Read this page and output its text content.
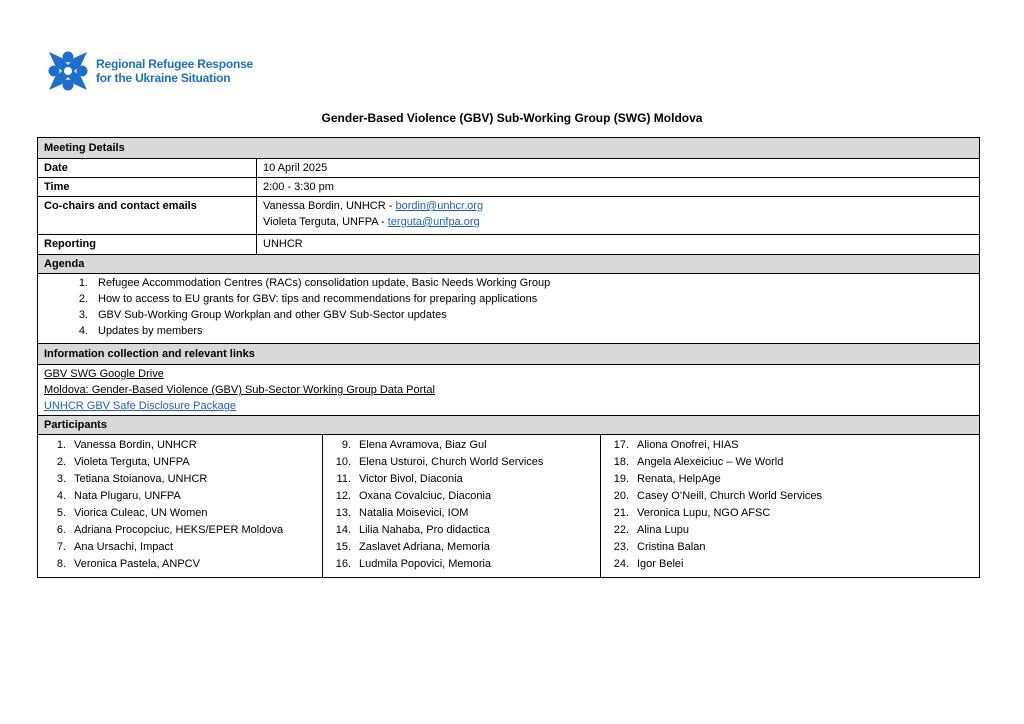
Regional Refugee Response
for the Ukraine Situation
Gender-Based Violence (GBV) Sub-Working Group (SWG) Moldova
Meeting Details
Date	10 April 2025
Time	2:00 - 3:30 pm
Co-chairs and contact emails	Vanessa Bordin, UNHCR - bordin@unhcr.org
Violeta Terguta, UNFPA - terguta@unfpa.org
Reporting	UNHCR
Agenda
1. Refugee Accommodation Centres (RACs) consolidation update, Basic Needs Working Group
2. How to access to EU grants for GBV: tips and recommendations for preparing applications
3. GBV Sub-Working Group Workplan and other GBV Sub-Sector updates
4. Updates by members
Information collection and relevant links
GBV SWG Google Drive
Moldova: Gender-Based Violence (GBV) Sub-Sector Working Group Data Portal
UNHCR GBV Safe Disclosure Package
Participants
1. Vanessa Bordin, UNHCR
2. Violeta Terguta, UNFPA
3. Tetiana Stoianova, UNHCR
4. Nata Plugaru, UNFPA
5. Viorica Culeac, UN Women
6. Adriana Procopciuc, HEKS/EPER Moldova
7. Ana Ursachi, Impact
8. Veronica Pastela, ANPCV
9. Elena Avramova, Biaz Gul
10. Elena Usturoi, Church World Services
11. Victor Bivol, Diaconia
12. Oxana Covalciuc, Diaconia
13. Natalia Moisevici, IOM
14. Lilia Nahaba, Pro didactica
15. Zaslavet Adriana, Memoria
16. Ludmila Popovici, Memoria
17. Aliona Onofrei, HIAS
18. Angela Alexeiciuc – We World
19. Renata, HelpAge
20. Casey O’Neill, Church World Services
21. Veronica Lupu, NGO AFSC
22. Alina Lupu
23. Cristina Balan
24. Igor Belei
